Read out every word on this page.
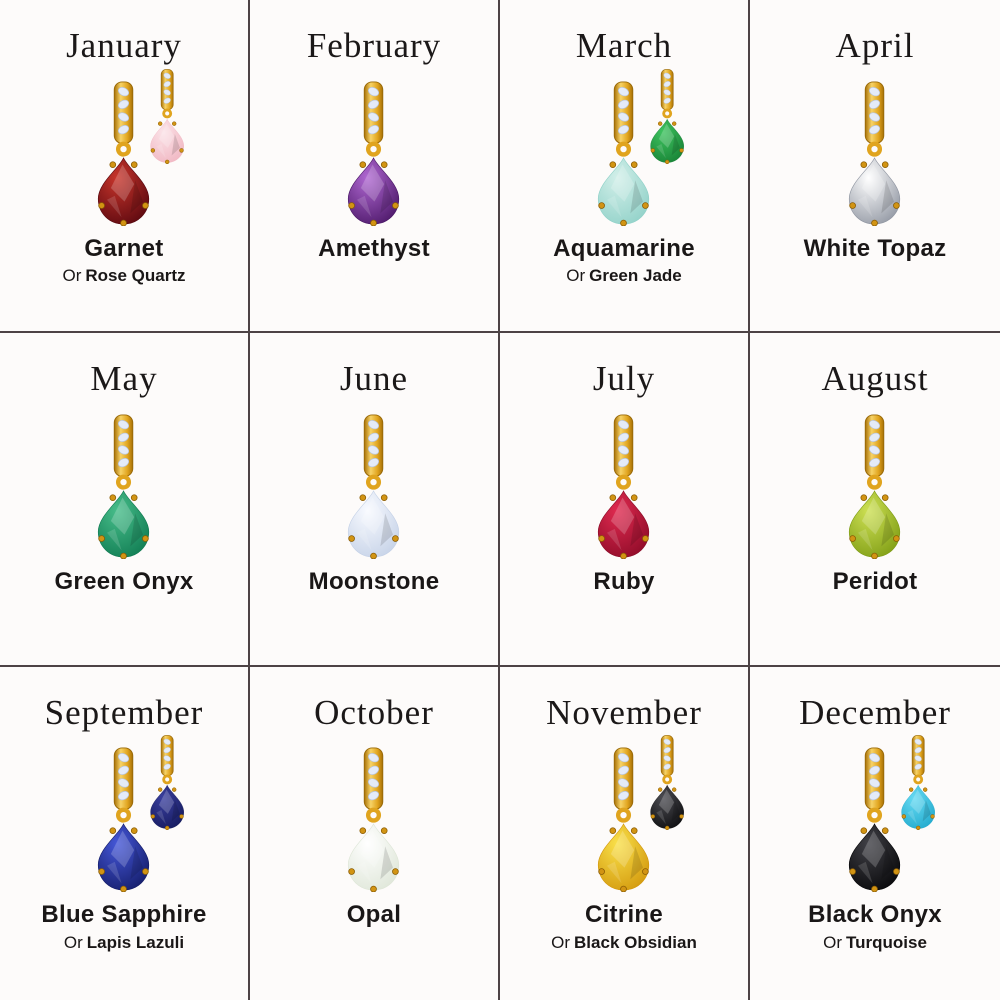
January
Garnet
Or Rose Quartz
February
Amethyst
March
Aquamarine
Or Green Jade
April
White Topaz
May
Green Onyx
June
Moonstone
July
Ruby
August
Peridot
September
Blue Sapphire
Or Lapis Lazuli
October
Opal
November
Citrine
Or Black Obsidian
December
Black Onyx
Or Turquoise
